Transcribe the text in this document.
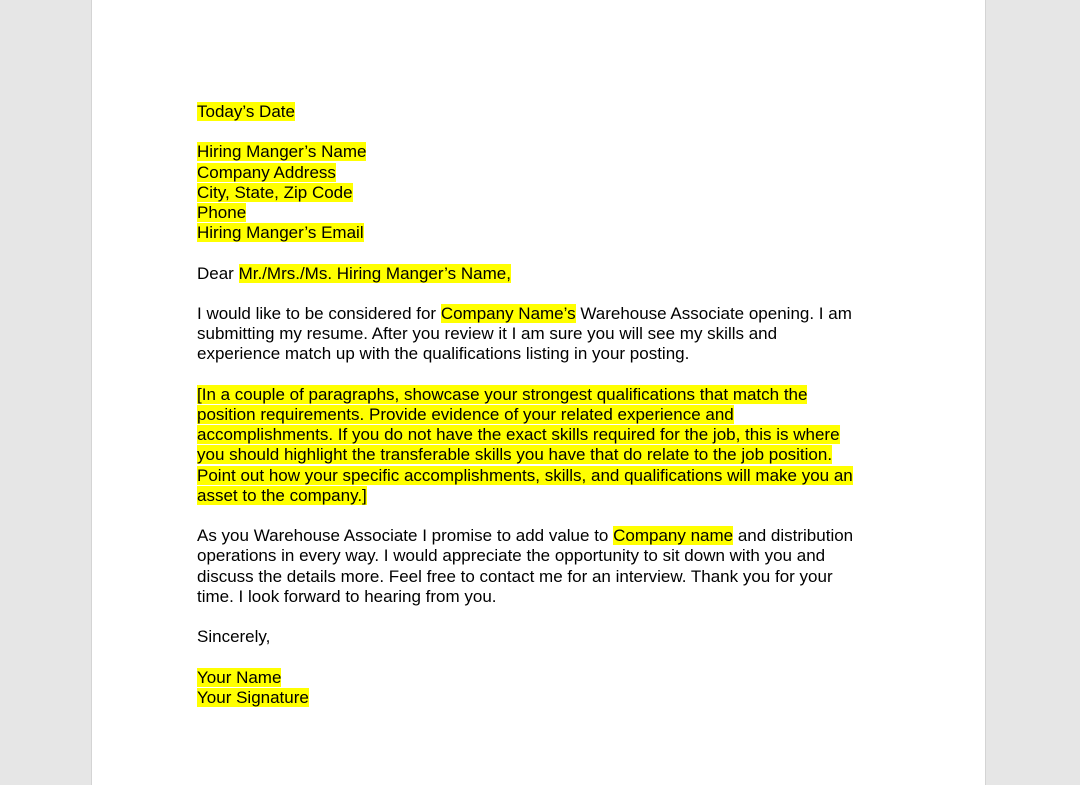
Today’s Date
Hiring Manger’s Name
Company Address
City, State, Zip Code
Phone
Hiring Manger’s Email
Dear Mr./Mrs./Ms. Hiring Manger’s Name,
I would like to be considered for Company Name’s Warehouse Associate opening. I am
submitting my resume. After you review it I am sure you will see my skills and
experience match up with the qualifications listing in your posting.
[In a couple of paragraphs, showcase your strongest qualifications that match the
position requirements. Provide evidence of your related experience and
accomplishments. If you do not have the exact skills required for the job, this is where
you should highlight the transferable skills you have that do relate to the job position.
Point out how your specific accomplishments, skills, and qualifications will make you an
asset to the company.]
As you Warehouse Associate I promise to add value to Company name and distribution
operations in every way. I would appreciate the opportunity to sit down with you and
discuss the details more. Feel free to contact me for an interview. Thank you for your
time. I look forward to hearing from you.
Sincerely,
Your Name
Your Signature
